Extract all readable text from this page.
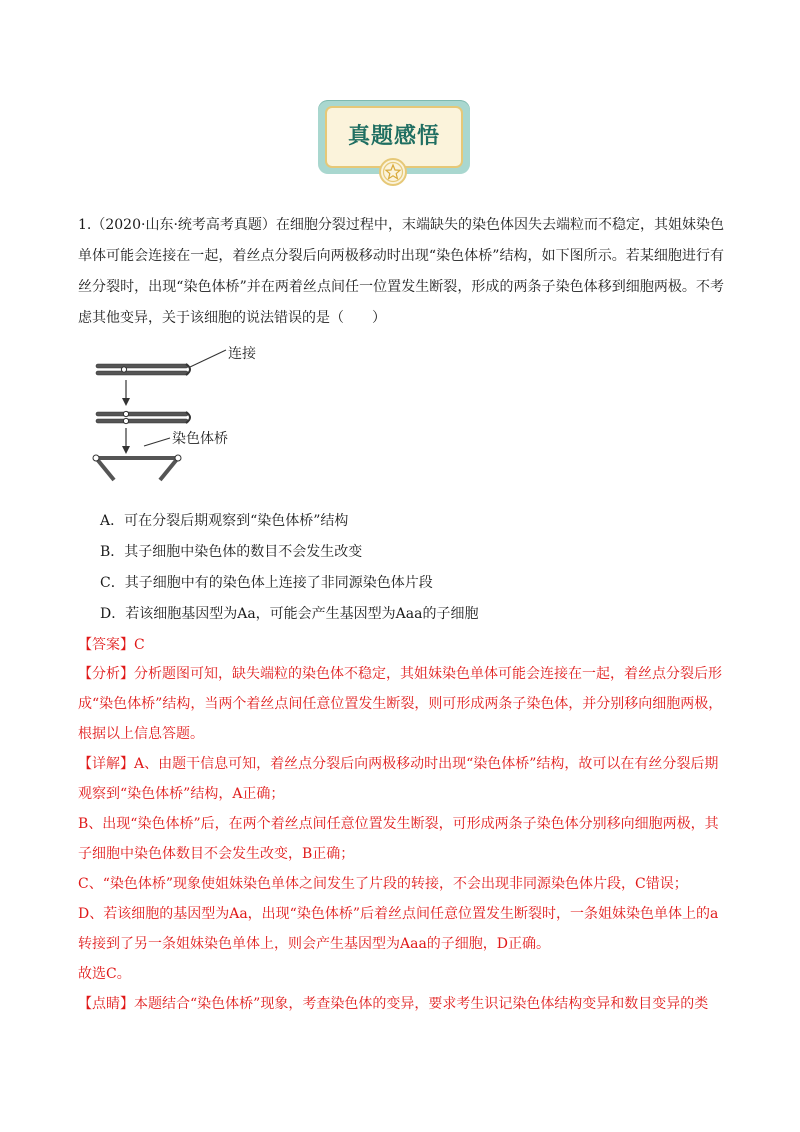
真题感悟

1.（2020·山东·统考高考真题）在细胞分裂过程中，末端缺失的染色体因失去端粒而不稳定，其姐妹染色单体可能会连接在一起，着丝点分裂后向两极移动时出现“染色体桥”结构，如下图所示。若某细胞进行有丝分裂时，出现“染色体桥”并在两着丝点间任一位置发生断裂，形成的两条子染色体移到细胞两极。不考虑其他变异，关于该细胞的说法错误的是（　　）

连接
染色体桥
A．可在分裂后期观察到“染色体桥”结构
B．其子细胞中染色体的数目不会发生改变
C．其子细胞中有的染色体上连接了非同源染色体片段
D．若该细胞基因型为Aa，可能会产生基因型为Aaa的子细胞

【答案】C

【分析】分析题图可知，缺失端粒的染色体不稳定，其姐妹染色单体可能会连接在一起，着丝点分裂后形成“染色体桥”结构，当两个着丝点间任意位置发生断裂，则可形成两条子染色体，并分别移向细胞两极，根据以上信息答题。

【详解】A、由题干信息可知，着丝点分裂后向两极移动时出现“染色体桥”结构，故可以在有丝分裂后期观察到“染色体桥”结构，A正确；

B、出现“染色体桥”后，在两个着丝点间任意位置发生断裂，可形成两条子染色体分别移向细胞两极，其子细胞中染色体数目不会发生改变，B正确；

C、“染色体桥”现象使姐妹染色单体之间发生了片段的转接，不会出现非同源染色体片段，C错误；

D、若该细胞的基因型为Aa，出现“染色体桥”后着丝点间任意位置发生断裂时，一条姐妹染色单体上的a转接到了另一条姐妹染色单体上，则会产生基因型为Aaa的子细胞，D正确。

故选C。

【点睛】本题结合“染色体桥”现象，考查染色体的变异，要求考生识记染色体结构变异和数目变异的类
